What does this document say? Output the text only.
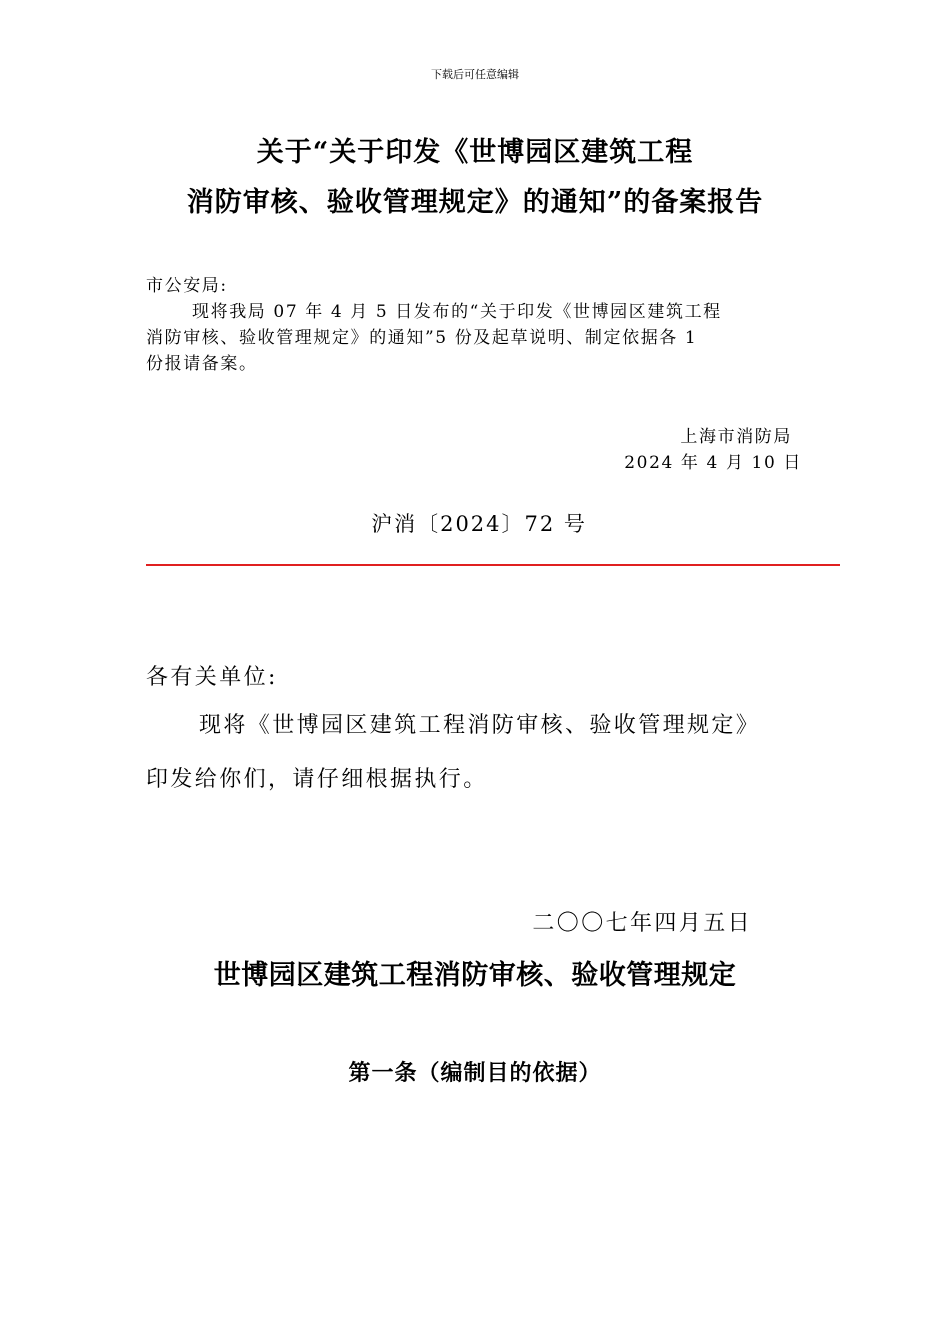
下载后可任意编辑
关于“关于印发《世博园区建筑工程
消防审核、验收管理规定》的通知”的备案报告
市公安局:
现将我局 07 年 4 月 5 日发布的“关于印发《世博园区建筑工程
消防审核、验收管理规定》的通知”5 份及起草说明、制定依据各 1
份报请备案。
上海市消防局
2024 年 4 月 10 日
沪消〔2024〕72 号
各有关单位:
现将《世博园区建筑工程消防审核、验收管理规定》
印发给你们，请仔细根据执行。
二〇〇七年四月五日
世博园区建筑工程消防审核、验收管理规定
第一条（编制目的依据）
